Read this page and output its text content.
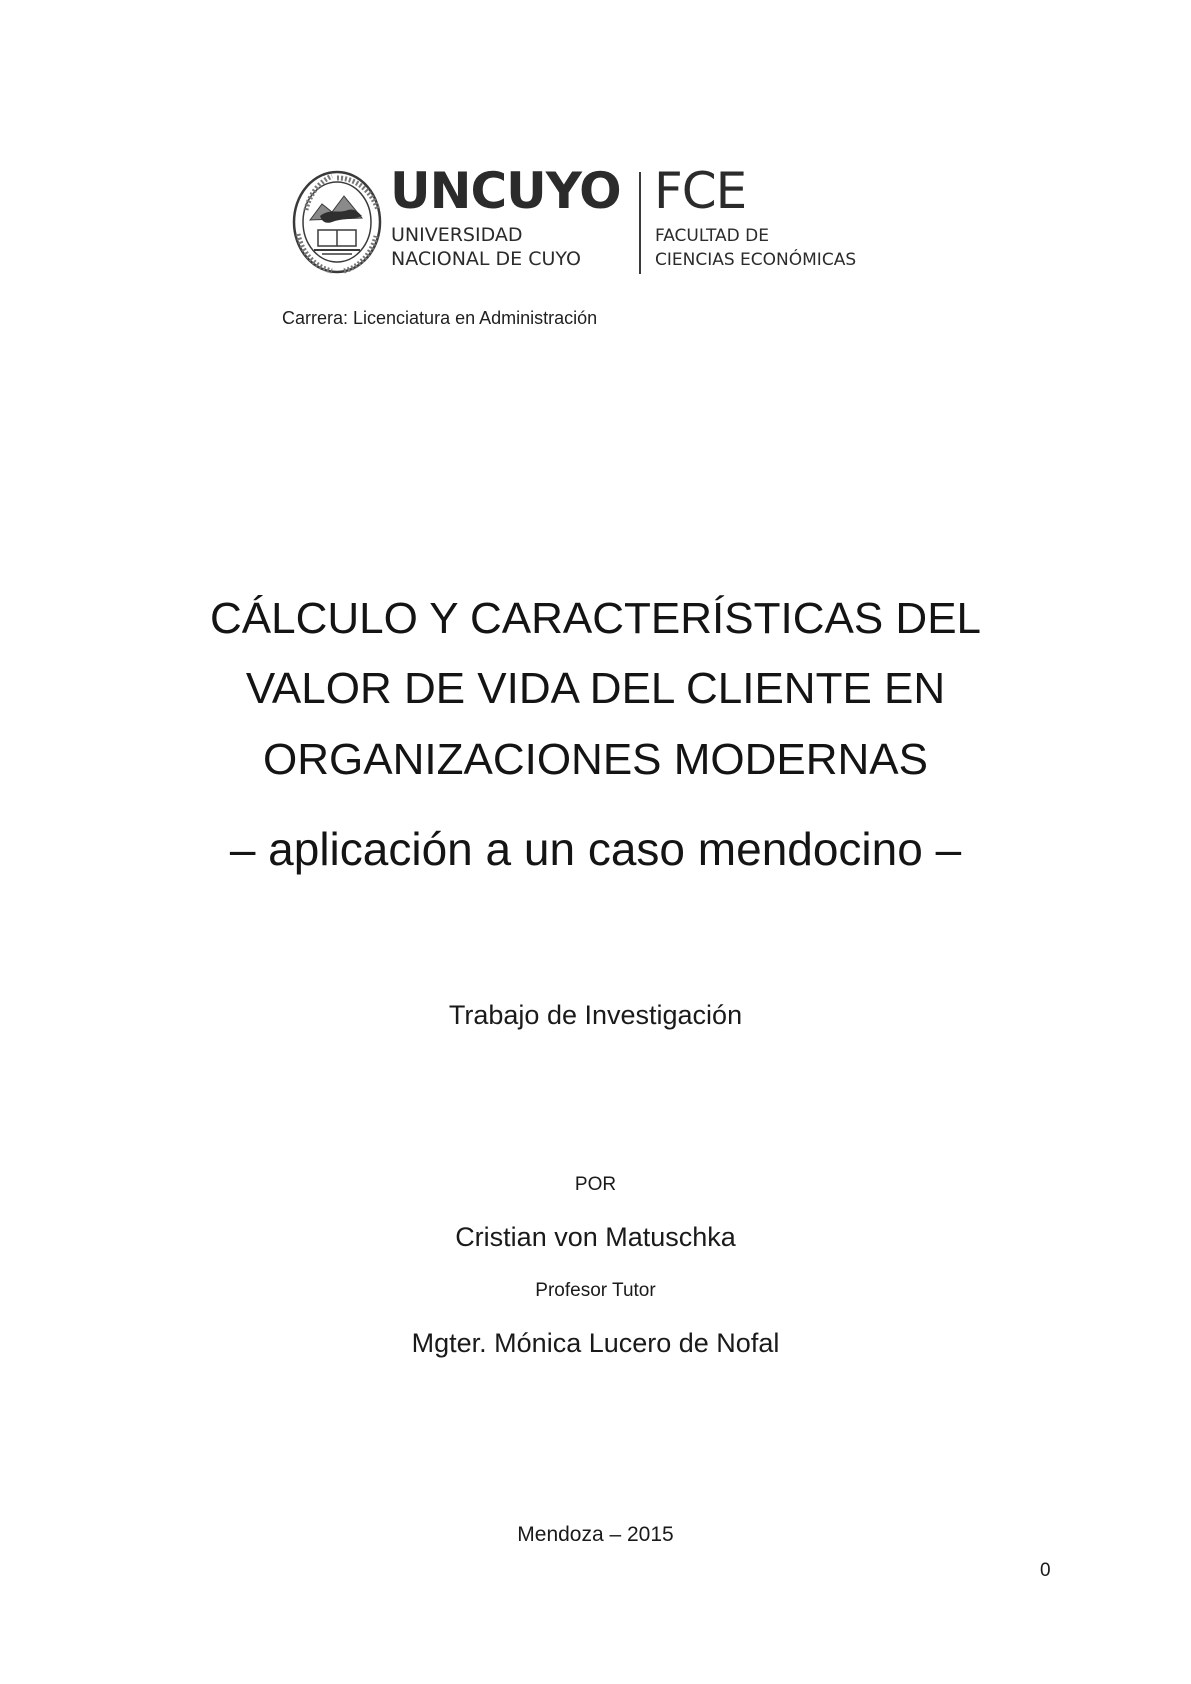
UNCUYO
UNIVERSIDAD
NACIONAL DE CUYO
FCE
FACULTAD DE
CIENCIAS ECONÓMICAS
Carrera: Licenciatura en Administración
CÁLCULO Y CARACTERÍSTICAS DEL
VALOR DE VIDA DEL CLIENTE EN
ORGANIZACIONES MODERNAS
– aplicación a un caso mendocino –
Trabajo de Investigación
POR
Cristian von Matuschka
Profesor Tutor
Mgter. Mónica Lucero de Nofal
Mendoza – 2015
0
